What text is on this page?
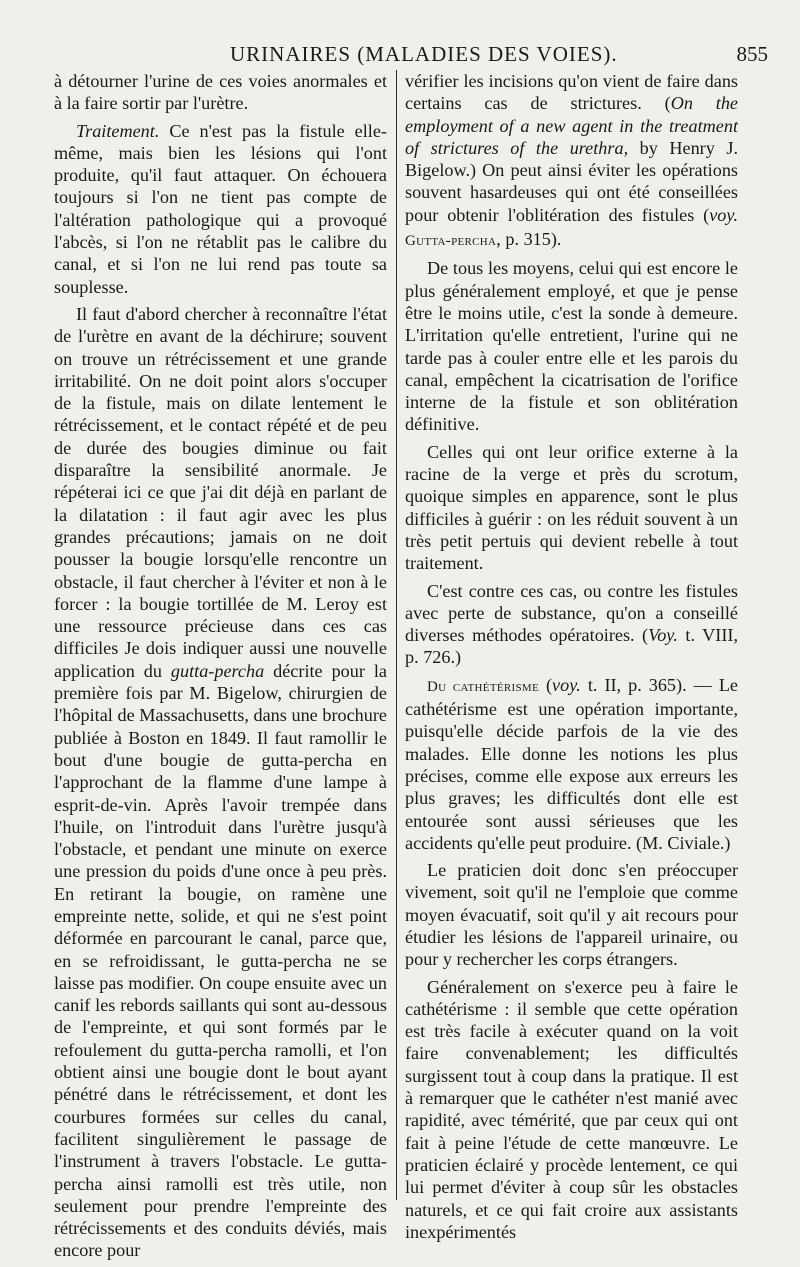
URINAIRES (MALADIES DES VOIES).	855

à détourner l'urine de ces voies anormales et à la faire sortir par l'urètre.

Traitement. Ce n'est pas la fistule elle-même, mais bien les lésions qui l'ont produite, qu'il faut attaquer. On échouera toujours si l'on ne tient pas compte de l'altération pathologique qui a provoqué l'abcès, si l'on ne rétablit pas le calibre du canal, et si l'on ne lui rend pas toute sa souplesse.

Il faut d'abord chercher à reconnaître l'état de l'urètre en avant de la déchirure; souvent on trouve un rétrécissement et une grande irritabilité. On ne doit point alors s'occuper de la fistule, mais on dilate lentement le rétrécissement, et le contact répété et de peu de durée des bougies diminue ou fait disparaître la sensibilité anormale. Je répéterai ici ce que j'ai dit déjà en parlant de la dilatation : il faut agir avec les plus grandes précautions; jamais on ne doit pousser la bougie lorsqu'elle rencontre un obstacle, il faut chercher à l'éviter et non à le forcer : la bougie tortillée de M. Leroy est une ressource précieuse dans ces cas difficiles Je dois indiquer aussi une nouvelle application du gutta-percha décrite pour la première fois par M. Bigelow, chirurgien de l'hôpital de Massachusetts, dans une brochure publiée à Boston en 1849. Il faut ramollir le bout d'une bougie de gutta-percha en l'approchant de la flamme d'une lampe à esprit-de-vin. Après l'avoir trempée dans l'huile, on l'introduit dans l'urètre jusqu'à l'obstacle, et pendant une minute on exerce une pression du poids d'une once à peu près. En retirant la bougie, on ramène une empreinte nette, solide, et qui ne s'est point déformée en parcourant le canal, parce que, en se refroidissant, le gutta-percha ne se laisse pas modifier. On coupe ensuite avec un canif les rebords saillants qui sont au-dessous de l'empreinte, et qui sont formés par le refoulement du gutta-percha ramolli, et l'on obtient ainsi une bougie dont le bout ayant pénétré dans le rétrécissement, et dont les courbures formées sur celles du canal, facilitent singulièrement le passage de l'instrument à travers l'obstacle. Le gutta-percha ainsi ramolli est très utile, non seulement pour prendre l'empreinte des rétrécissements et des conduits déviés, mais encore pour

vérifier les incisions qu'on vient de faire dans certains cas de strictures. (On the employment of a new agent in the treatment of strictures of the urethra, by Henry J. Bigelow.) On peut ainsi éviter les opérations souvent hasardeuses qui ont été conseillées pour obtenir l'oblitération des fistules (voy. Gutta-percha, p. 315).

De tous les moyens, celui qui est encore le plus généralement employé, et que je pense être le moins utile, c'est la sonde à demeure. L'irritation qu'elle entretient, l'urine qui ne tarde pas à couler entre elle et les parois du canal, empêchent la cicatrisation de l'orifice interne de la fistule et son oblitération définitive.

Celles qui ont leur orifice externe à la racine de la verge et près du scrotum, quoique simples en apparence, sont le plus difficiles à guérir : on les réduit souvent à un très petit pertuis qui devient rebelle à tout traitement.

C'est contre ces cas, ou contre les fistules avec perte de substance, qu'on a conseillé diverses méthodes opératoires. (Voy. t. VIII, p. 726.)

Du cathétérisme (voy. t. II, p. 365). — Le cathétérisme est une opération importante, puisqu'elle décide parfois de la vie des malades. Elle donne les notions les plus précises, comme elle expose aux erreurs les plus graves; les difficultés dont elle est entourée sont aussi sérieuses que les accidents qu'elle peut produire. (M. Civiale.)

Le praticien doit donc s'en préoccuper vivement, soit qu'il ne l'emploie que comme moyen évacuatif, soit qu'il y ait recours pour étudier les lésions de l'appareil urinaire, ou pour y rechercher les corps étrangers.

Généralement on s'exerce peu à faire le cathétérisme : il semble que cette opération est très facile à exécuter quand on la voit faire convenablement; les difficultés surgissent tout à coup dans la pratique. Il est à remarquer que le cathéter n'est manié avec rapidité, avec témérité, que par ceux qui ont fait à peine l'étude de cette manœuvre. Le praticien éclairé y procède lentement, ce qui lui permet d'éviter à coup sûr les obstacles naturels, et ce qui fait croire aux assistants inexpérimentés
